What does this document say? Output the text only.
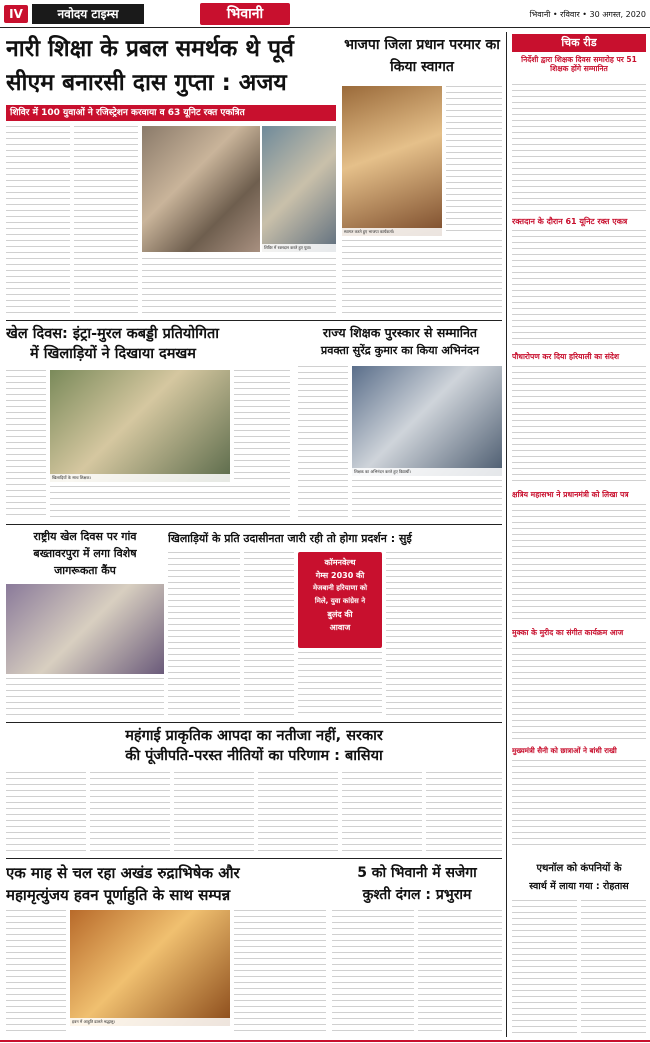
IV	नवोदय टाइम्स	भिवानी	भिवानी • रविवार • 30 अगस्त, 2020
नारी शिक्षा के प्रबल समर्थक थे पूर्व
सीएम बनारसी दास गुप्ता : अजय
शिविर में 100 युवाओं ने रजिस्ट्रेशन करवाया व 63 यूनिट रक्त एकत्रित
शिविर में रक्तदान करते हुए युवा।
भाजपा जिला प्रधान परमार का किया स्वागत
स्वागत करते हुए भाजपा कार्यकर्ता।
चिक रीड
निर्देशी द्वारा शिक्षक दिवस समारोह पर 51 शिक्षक होंगे सम्मानित
रक्तदान के दौरान 61 यूनिट रक्त एकत्र
पौधारोपण कर दिया हरियाली का संदेश
क्षत्रिय महासभा ने प्रधानमंत्री को लिखा पत्र
मुक्का के मुरीद का संगीत कार्यक्रम आज
मुख्यमंत्री सैनी को छात्राओं ने बांधी राखी
खेल दिवस: इंट्रा-मुरल कबड्डी प्रतियोगिता
में खिलाड़ियों ने दिखाया दमखम
खिलाड़ियों के साथ शिक्षक।
राज्य शिक्षक पुरस्कार से सम्मानित
प्रवक्ता सुरेंद्र कुमार का किया अभिनंदन
शिक्षक का अभिनंदन करते हुए विद्यार्थी।
राष्ट्रीय खेल दिवस पर गांव
बख्तावरपुरा में लगा विशेष
जागरूकता कैंप
खिलाड़ियों के प्रति उदासीनता जारी रही तो होगा प्रदर्शन : सुई
कॉमनवेल्थ
गेम्स 2030 की
मेजबानी हरियाणा को
मिले, युवा कांग्रेस ने
बुलंद की
आवाज
महंगाई प्राकृतिक आपदा का नतीजा नहीं, सरकार
की पूंजीपति-परस्त नीतियों का परिणाम : बासिया
एक माह से चल रहा अखंड रुद्राभिषेक और
महामृत्युंजय हवन पूर्णाहुति के साथ सम्पन्न
हवन में आहुति डालते श्रद्धालु।
5 को भिवानी में सजेगा
कुश्ती दंगल : प्रभुराम
एथनॉल को कंपनियों के
स्वार्थ में लाया गया : रोहतास
